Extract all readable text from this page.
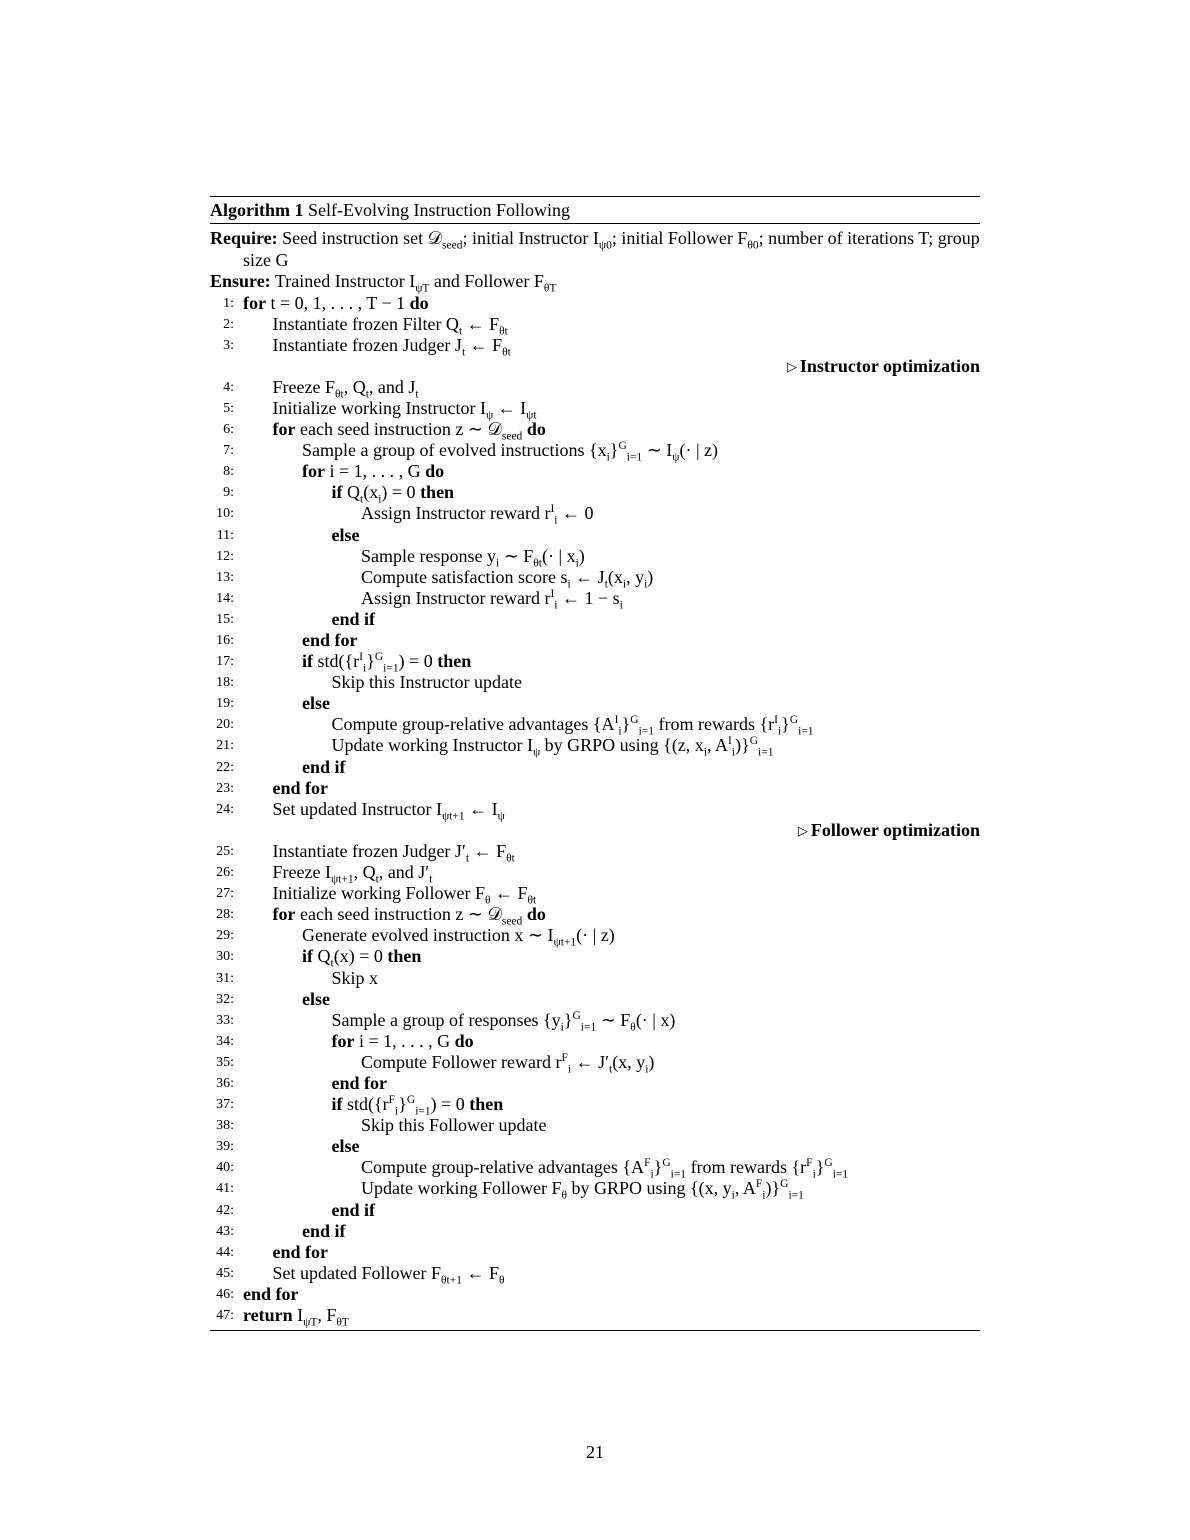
Algorithm 1 Self-Evolving Instruction Following
Require: Seed instruction set 𝒟$_{seed}$; initial Instructor $I_{\psi 0}$; initial Follower $F_{\theta 0}$; number of iterations T; group size G
Ensure: Trained Instructor $I_{\psi T}$ and Follower $F_{\theta T}$
1: for t = 0, 1, . . . , T − 1 do
2: Instantiate frozen Filter $Q_t$ ← $F_{\theta t}$
3: Instantiate frozen Judger $J_t$ ← $F_{\theta t}$
▷ Instructor optimization
4: Freeze $F_{\theta t}$, $Q_t$, and $J_t$
5: Initialize working Instructor $I_\psi$ ← $I_{\psi t}$
6: for each seed instruction z ∼ 𝒟$_{seed}$ do
7:	Sample a group of evolved instructions $\{x_i\}^G_{i=1}$ ∼ $I_\psi(\cdot$ | z)
8:	for i = 1, . . . , G do
9:	if $Q_t(x_i) = 0$ then
10:	Assign Instructor reward $r^I_i$ ← 0
11:	else
12:	Sample response $y_i$ ∼ $F_{\theta t}(\cdot$ | $x_i$)
13:	Compute satisfaction score $s_i$ ← $J_t(x_i$, $y_i$)
14:	Assign Instructor reward $r^I_i$ ← $1 - s_i$
15:	end if
16:	end for
17:	if $std(\{r^I_i\}^G_{i=1}) = 0$ then
18:	Skip this Instructor update
19:	else
20:	Compute group-relative advantages $\{A^I_i\}^G_{i=1}$ from rewards $\{r^I_i\}^G_{i=1}$
21:	Update working Instructor $I_\psi$ by GRPO using {(z, $x_i$, $A^I_i)\}^G_{i=1}$
22:	end if
23: end for
24: Set updated Instructor $I_{\psi t+1}$ ← $I_\psi$
▷ Follower optimization
25: Instantiate frozen Judger $J'_t$ ← $F_{\theta t}$
26: Freeze $I_{\psi t+1}$, $Q_t$, and $J'_t$
27: Initialize working Follower $F_\theta$ ← $F_{\theta t}$
28: for each seed instruction z ∼ 𝒟$_{seed}$ do
29:	Generate evolved instruction x ∼ $I_{\psi t+1}(\cdot$ | z)
30:	if $Q_t(x) = 0$ then
31:	Skip x
32:	else
33:	Sample a group of responses $\{y_i\}^G_{i=1}$ ∼ $F_\theta(\cdot$ | x)
34:	for i = 1, . . . , G do
35:	Compute Follower reward $r^F_i$ ← $J'_t(x$, $y_i$)
36:	end for
37:	if $std(\{r^F_i\}^G_{i=1}) = 0$ then
38:	Skip this Follower update
39:	else
40:	Compute group-relative advantages $\{A^F_i\}^G_{i=1}$ from rewards $\{r^F_i\}^G_{i=1}$
41:	Update working Follower $F_\theta$ by GRPO using {(x, $y_i$, $A^F_i)\}^G_{i=1}$
42:	end if
43:	end if
44: end for
45: Set updated Follower $F_{\theta t+1}$ ← $F_\theta$
46: end for
47: return $I_{\psi T}$, $F_{\theta T}$
21
